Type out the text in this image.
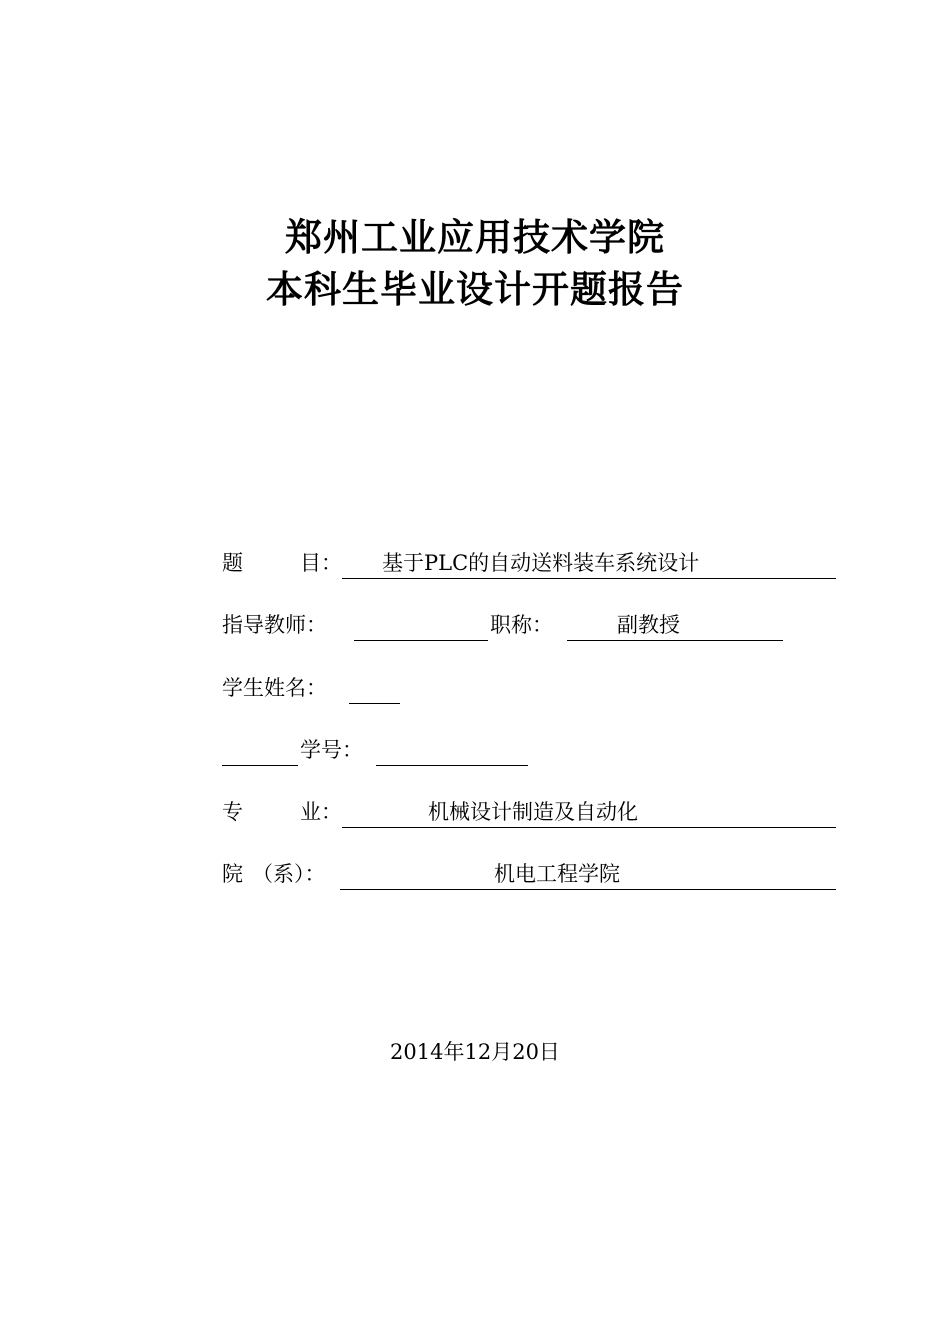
郑州工业应用技术学院
本科生毕业设计开题报告
题	目： 基于PLC的自动送料装车系统设计
指导教师：	职称：	副教授
学生姓名：
学号：
专	业：	机械设计制造及自动化
院 （系）：	机电工程学院
2014年12月20日
